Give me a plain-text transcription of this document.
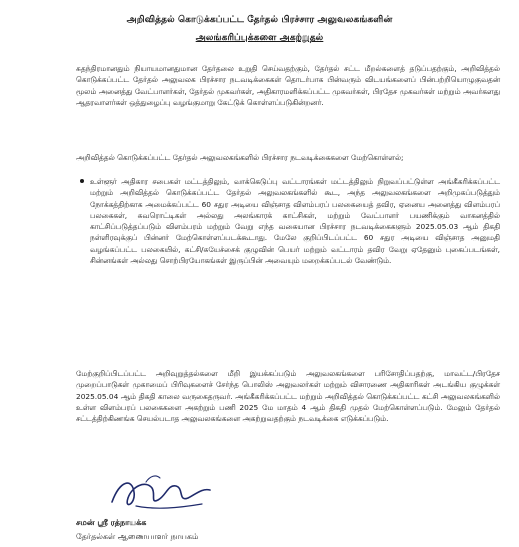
அறிவித்தல் கொடுக்கப்பட்ட தேர்தல் பிரச்சார அலுவலகங்களின்
அலங்கரிப்புக்களை அகற்றுதல்

சுதந்திரமானதும் நியாயமானதுமான தேர்தலை உறுதி செய்வதற்கும், தேர்தல் சட்ட மீறல்களைத் தடுப்பதற்கும், அறிவித்தல் கொடுக்கப்பட்ட தேர்தல் அலுவலக பிரச்சார நடவடிக்கைகள் தொடர்பாக பின்வரும் விடயங்களைப் பின்பற்றியொழுகுவதன் மூலம் அனைத்து வேட்பாளர்கள், தேர்தல் முகவர்கள், அதிகாரமளிக்கப்பட்ட முகவர்கள், பிரதேச முகவர்கள் மற்றும் அவர்களது ஆதரவாளர்கள் ஒத்துழைப்பு வழங்குமாறு கேட்டுக் கொள்ளப்படுகின்றனர்.

அறிவித்தல் கொடுக்கப்பட்ட தேர்தல் அலுவலகங்களில் பிரச்சார நடவடிக்கைகளை மேற்கொள்ளல்;

உள்ளூர் அதிகார சபைகள் மட்டத்திலும், வாக்கெடுப்பு வட்டாரங்கள் மட்டத்திலும் நிறுவப்பட்டுள்ள அங்கீகரிக்கப்பட்ட மற்றும் அறிவித்தல் கொடுக்கப்பட்ட தேர்தல் அலுவலகங்களில் கூட, அந்த அலுவலகங்களை அறிமுகப்படுத்தும் நோக்கத்திற்காக அமைக்கப்பட்ட 60 சதுர அடியை விஞ்சாத விளம்பரப் பலகையைத் தவிர, ஏனைய அனைத்து விளம்பரப் பலகைகள், சுவரொட்டிகள் அல்லது அலங்காரக் காட்சிகள், மற்றும் வேட்பாளர் பயணிக்கும் வாகனத்தில் காட்சிப்படுத்தப்படும் விளம்பரம் மற்றும் வேறு எந்த வகையான பிரச்சார நடவடிக்கைகளும் 2025.05.03 ஆம் திகதி நள்ளிரவுக்குப் பின்னர் மேற்கொள்ளப்படக்கூடாது. மேலே குறிப்பிடப்பட்ட 60 சதுர அடியை விஞ்சாத அனுமதி வழங்கப்பட்ட பலகையில், கட்சி/சுயேச்சைக் குழுவின் பெயர் மற்றும் வட்டாரம் தவிர வேறு ஏதேனும் புகைப்படங்கள், சின்னங்கள் அல்லது சொற்பிரயோகங்கள் இருப்பின் அவையும் மறைக்கப்படல் வேண்டும்.

மேற்குறிப்பிடப்பட்ட அறிவுறுத்தல்களை மீறி இயக்கப்படும் அலுவலகங்களை பரிசோதிப்பதற்கு, மாவட்ட/பிரதேச முறைப்பாடுகள் முகாமைப் பிரிவுகளைச் சேர்ந்த பொலிஸ் அலுவலர்கள் மற்றும் விசாரணை அதிகாரிகள் அடங்கிய குழுக்கள் 2025.05.04 ஆம் திகதி காலை வருகைதருவர். அங்கீகரிக்கப்பட்ட மற்றும் அறிவித்தல் கொடுக்கப்பட்ட கட்சி அலுவலகங்களில் உள்ள விளம்பரப் பலகைகளை அகற்றும் பணி 2025 மே மாதம் 4 ஆம் திகதி முதல் மேற்கொள்ளப்படும். மேலும் தேர்தல் சட்டத்திற்கிணங்க செயல்படாத அலுவலகங்களை அகற்றுவதற்கும் நடவடிக்கை எடுக்கப்படும்.

சமன் ஸ்ரீ ரத்நாயக்க
தேர்தல்கள் ஆணையாளர் நாயகம்
